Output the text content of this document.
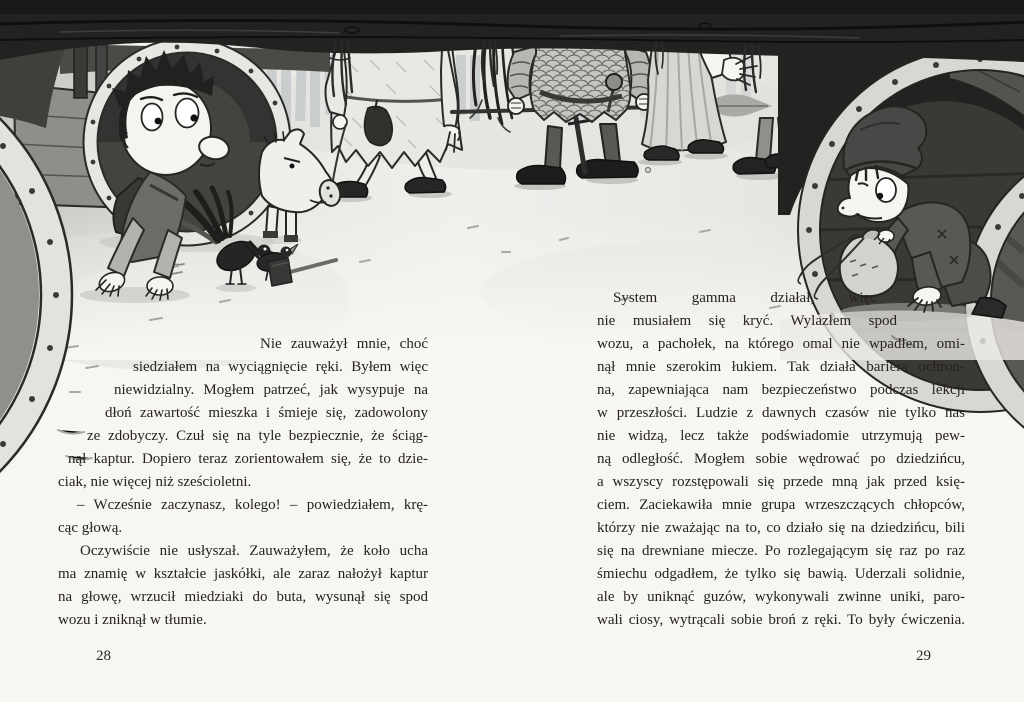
Nie zauważył mnie, choć
siedziałem na wyciągnięcie ręki. Byłem więc
niewidzialny. Mogłem patrzeć, jak wysypuje na
dłoń zawartość mieszka i śmieje się, zadowolony
ze zdobyczy. Czuł się na tyle bezpiecznie, że ściąg-
nął kaptur. Dopiero teraz zorientowałem się, że to dzie-
ciak, nie więcej niż sześcioletni.
– Wcześnie zaczynasz, kolego! – powiedziałem, krę-
cąc głową.
Oczywiście nie usłyszał. Zauważyłem, że koło ucha
ma znamię w kształcie jaskółki, ale zaraz nałożył kaptur
na głowę, wrzucił miedziaki do buta, wysunął się spod
wozu i zniknął w tłumie.
System gamma działał, więc
nie musiałem się kryć. Wylazłem spod
wozu, a pachołek, na którego omal nie wpadłem, omi-
nął mnie szerokim łukiem. Tak działa bariera ochron-
na, zapewniająca nam bezpieczeństwo podczas lekcji
w przeszłości. Ludzie z dawnych czasów nie tylko nas
nie widzą, lecz także podświadomie utrzymują pew-
ną odległość. Mogłem sobie wędrować po dziedzińcu,
a wszyscy rozstępowali się przede mną jak przed księ-
ciem. Zaciekawiła mnie grupa wrzeszczących chłopców,
którzy nie zważając na to, co działo się na dziedzińcu, bili
się na drewniane miecze. Po rozlegającym się raz po raz
śmiechu odgadłem, że tylko się bawią. Uderzali solidnie,
ale by uniknąć guzów, wykonywali zwinne uniki, paro-
wali ciosy, wytrącali sobie broń z ręki. To były ćwiczenia.
28	29
